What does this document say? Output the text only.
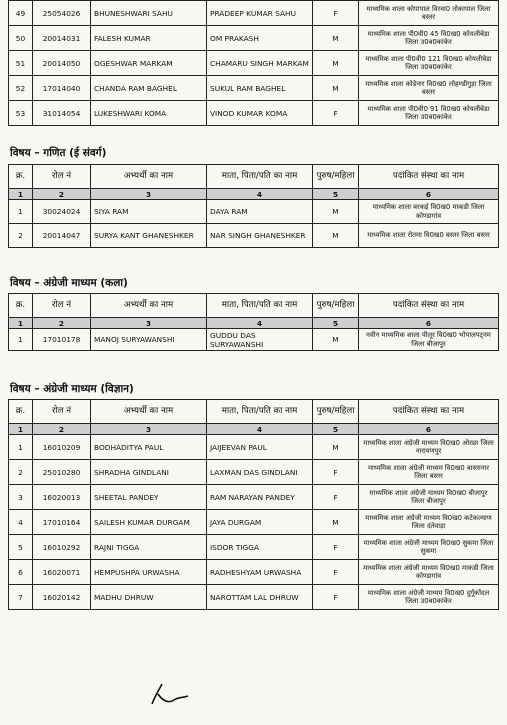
49	25054026	BHUNESHWARI SAHU	PRADEEP KUMAR SAHU	F	माध्यमिक शाला कोपापाल विरवा0 तोकापाल जिला बस्तर
50	20014031	FALESH KUMAR	OM PRAKASH	M	माध्यमिक शाला पी0वी0 45 वि0ख0 कोयलीबेडा जिला उ0ब0कांकेर
51	20014050	OGESHWAR MARKAM	CHAMARU SINGH MARKAM	M	माध्यमिक शाला पी0वी0 121 वि0ख0 कोयलीबेडा जिला उ0ब0कांकेर
52	17014040	CHANDA RAM BAGHEL	SUKUL RAM BAGHEL	M	माध्यमिक शाला कोडेनार वि0ख0 लोहण्डीगुड़ा जिला बस्तर
53	31014054	LUKESHWARI KOMA	VINOD KUMAR KOMA	F	माध्यमिक शाला पी0वी0 91 वि0ख0 कोयलीबेडा जिला उ0ब0कांकेर
विषय – गणित (ई संवर्ग)
क्र.	रोल नं	अभ्यर्थी का नाम	माता, पिता/पति का नाम	पुरुष/महिला	पदांकित संस्था का नाम
1	2	3	4	5	6
1	30024024	SIYA RAM	DAYA RAM	M	माध्यमिक शाला बरकई वि0ख0 माकडी जिला कोण्डागांव
2	20014047	SURYA KANT GHANESHKER	NAR SINGH GHANESHKER	M	माध्यमिक शाला रोतमा वि0ख0 बस्तर जिला बस्तर
विषय – अंग्रेजी माध्यम (कला)
क्र.	रोल नं	अभ्यर्थी का नाम	माता, पिता/पति का नाम	पुरुष/महिला	पदांकित संस्था का नाम
1	2	3	4	5	6
1	17010178	MANOJ SURYAWANSHI	GUDDU DAS SURYAWANSHI	M	नवीन माध्यमिक शाला पीलूर वि0ख0 भोपालपट्नम जिला बीजापुर
विषय – अंग्रेजी माध्यम (विज्ञान)
क्र.	रोल नं	अभ्यर्थी का नाम	माता, पिता/पति का नाम	पुरुष/महिला	पदांकित संस्था का नाम
1	2	3	4	5	6
1	16010209	BODHADITYA PAUL	JAIJEEVAN PAUL	M	माध्यमिक शाला अंग्रेजी माध्यम वि0ख0 ओरछा जिला नारायणपुर
2	25010280	SHRADHA GINDLANI	LAXMAN DAS GINDLANI	F	माध्यमिक शाला अंग्रेजी माध्यम वि0ख0 बास्तानार जिला बस्तर
3	16020013	SHEETAL PANDEY	RAM NARAYAN PANDEY	F	माध्यमिक शाला अंग्रेजी माध्यम वि0ख0 बीजापुर जिला बीजापुर
4	17010164	SAILESH KUMAR DURGAM	JAYA DURGAM	M	माध्यमिक शाला अंग्रेजी माध्यम वि0ख0 कटेकल्याण जिला दंतेवाड़ा
5	16010292	RAJNI TIGGA	ISDOR TIGGA	F	माध्यमिक शाला अंग्रेजी माध्यम वि0ख0 सुकमा जिला सुकमा
6	16020071	HEMPUSHPA URWASHA	RADHESHYAM URWASHA	F	माध्यमिक शाला अंग्रेजी माध्यम वि0ख0 माकडी जिला कोण्डागांव
7	16020142	MADHU DHRUW	NAROTTAM LAL DHRUW	F	माध्यमिक शाला अंग्रेजी माध्यम वि0ख0 दुर्गूकोंदल जिला उ0ब0कांकेर
